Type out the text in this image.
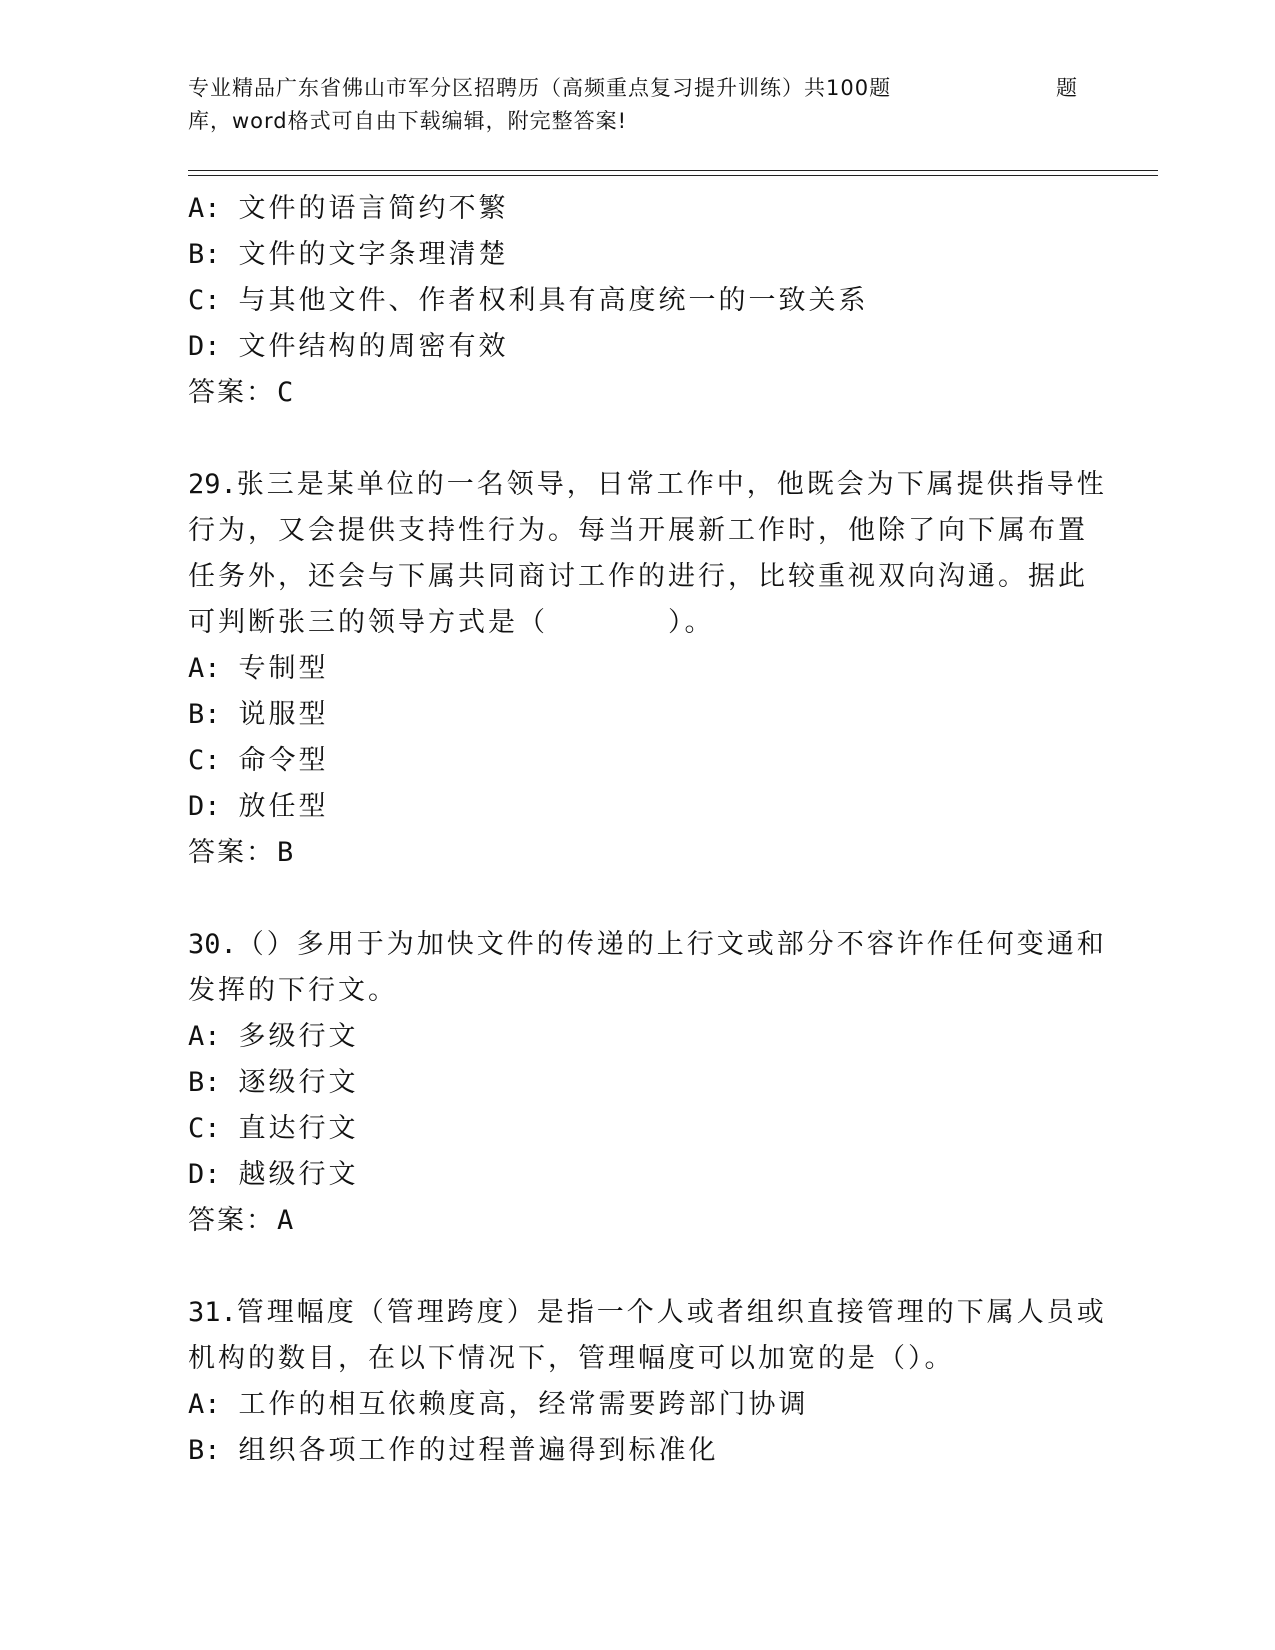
专业精品广东省佛山市军分区招聘历（高频重点复习提升训练）共100题	题
库，word格式可自由下载编辑，附完整答案!
A: 文件的语言简约不繁
B: 文件的文字条理清楚
C: 与其他文件、作者权利具有高度统一的一致关系
D: 文件结构的周密有效
答案：C
29.张三是某单位的一名领导，日常工作中，他既会为下属提供指导性
行为，又会提供支持性行为。每当开展新工作时，他除了向下属布置
任务外，还会与下属共同商讨工作的进行，比较重视双向沟通。据此
可判断张三的领导方式是（	）。
A: 专制型
B: 说服型
C: 命令型
D: 放任型
答案：B
30.（）多用于为加快文件的传递的上行文或部分不容许作任何变通和
发挥的下行文。
A: 多级行文
B: 逐级行文
C: 直达行文
D: 越级行文
答案：A
31.管理幅度（管理跨度）是指一个人或者组织直接管理的下属人员或
机构的数目，在以下情况下，管理幅度可以加宽的是（）。
A: 工作的相互依赖度高，经常需要跨部门协调
B: 组织各项工作的过程普遍得到标准化
